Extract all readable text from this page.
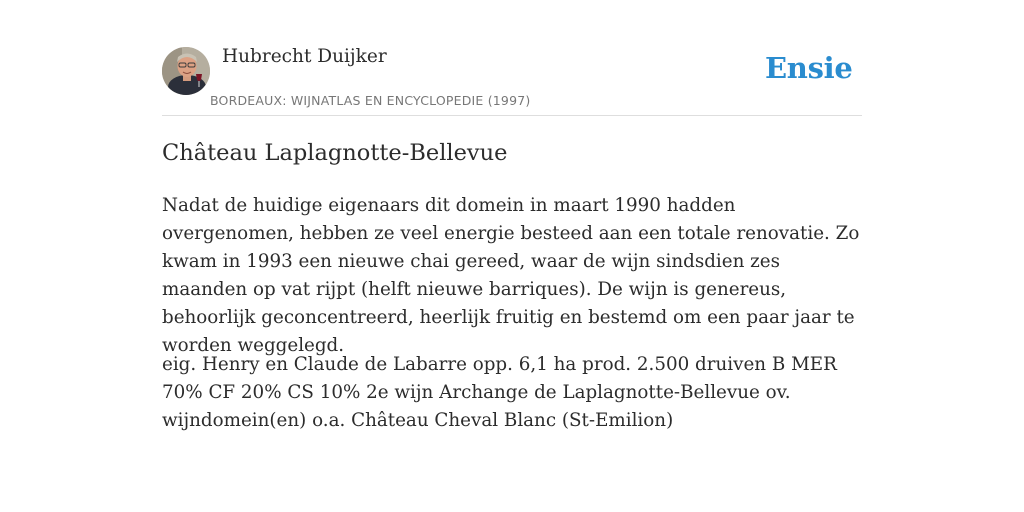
Hubrecht Duijker
BORDEAUX: WIJNATLAS EN ENCYCLOPEDIE (1997)
Ensie
Château Laplagnotte-Bellevue

Nadat de huidige eigenaars dit domein in maart 1990 hadden overgenomen, hebben ze veel energie besteed aan een totale renovatie. Zo kwam in 1993 een nieuwe chai gereed, waar de wijn sindsdien zes maanden op vat rijpt (helft nieuwe barriques). De wijn is genereus, behoorlijk geconcentreerd, heerlijk fruitig en bestemd om een paar jaar te worden weggelegd.

eig. Henry en Claude de Labarre opp. 6,1 ha prod. 2.500 druiven B MER 70% CF 20% CS 10% 2e wijn Archange de Laplagnotte-Bellevue ov. wijndomein(en) o.a. Château Cheval Blanc (St-Emilion)
